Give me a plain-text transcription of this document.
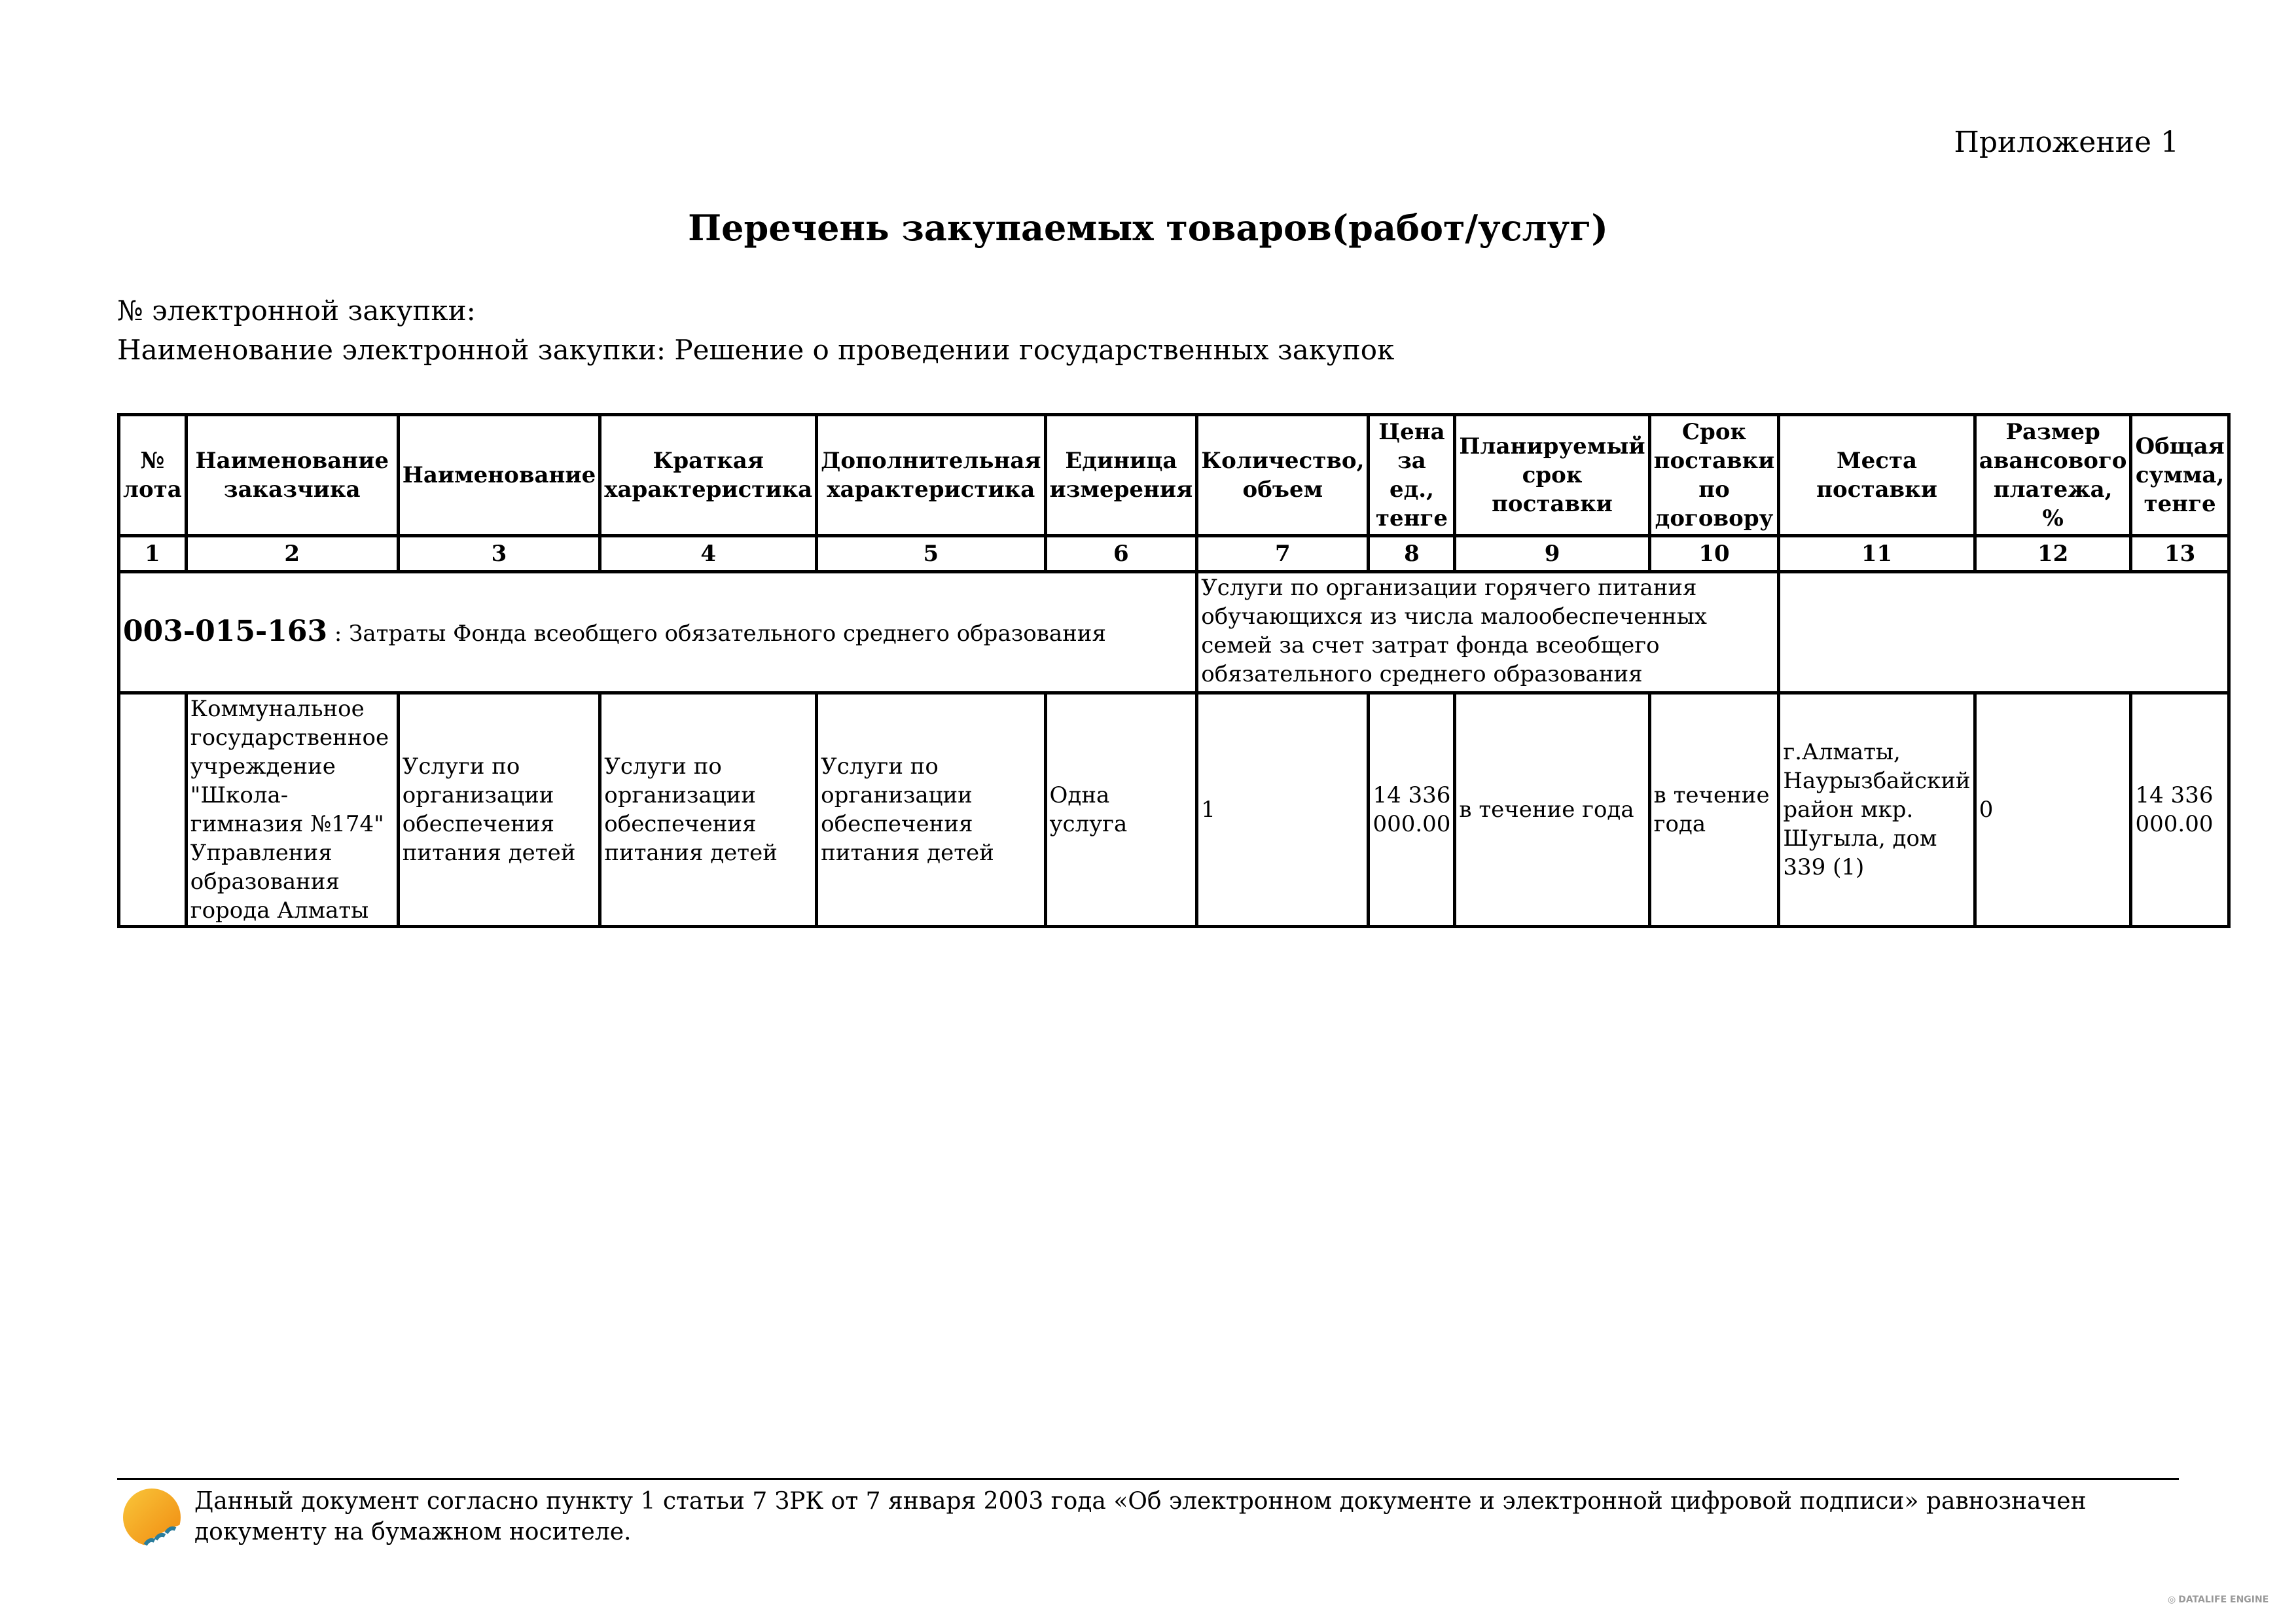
Приложение 1
Перечень закупаемых товаров(работ/услуг)
№ электронной закупки:
Наименование электронной закупки: Решение о проведении государственных закупок
№ лота	Наименование заказчика	Наименование	Краткая характеристика	Дополнительная характеристика	Единица измерения	Количество, объем	Цена за ед., тенге	Планируемый срок поставки	Срок поставки по договору	Места поставки	Размер авансового платежа, %	Общая сумма, тенге
1	2	3	4	5	6	7	8	9	10	11	12	13
003-015-163 : Затраты Фонда всеобщего обязательного среднего образования						Услуги по организации горячего питания обучающихся из числа малообеспеченных семей за счет затрат фонда всеобщего обязательного среднего образования						
	Коммунальное государственное учреждение "Школа-гимназия №174" Управления образования города Алматы	Услуги по организации обеспечения питания детей	Услуги по организации обеспечения питания детей	Услуги по организации обеспечения питания детей	Одна услуга	1	14 336 000.00	в течение года	в течение года	г.Алматы, Наурызбайский район мкр. Шугыла, дом 339 (1)	0	14 336 000.00
Данный документ согласно пункту 1 статьи 7 ЗРК от 7 января 2003 года «Об электронном документе и электронной цифровой подписи» равнозначен документу на бумажном носителе.
◎ DATALIFE ENGINE
